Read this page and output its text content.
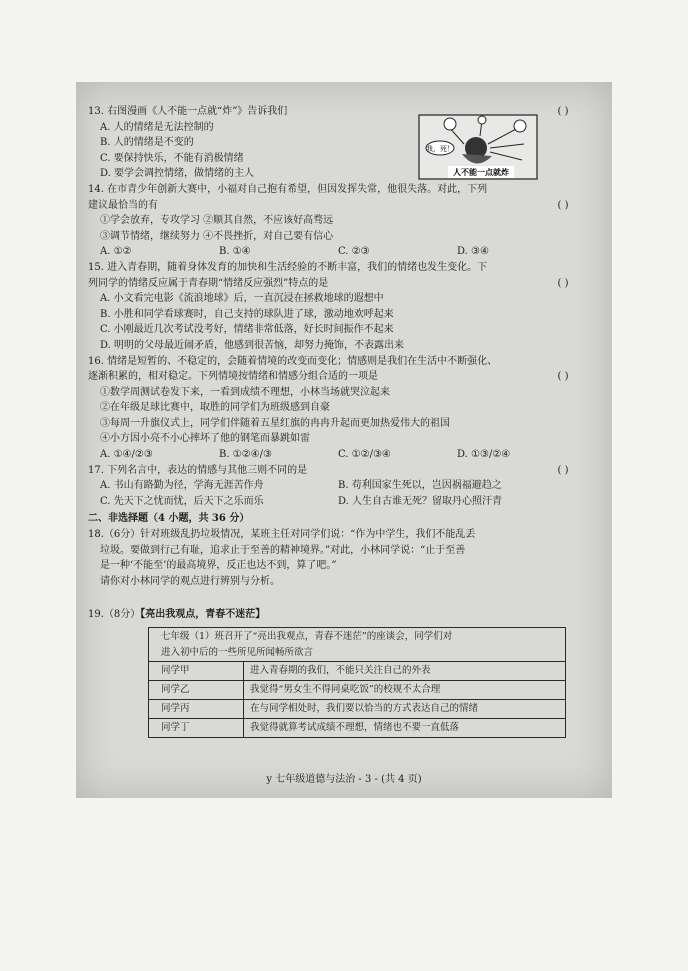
13. 右图漫画《人不能一点就“炸”》告诉我们	( )
A. 人的情绪是无法控制的
B. 人的情绪是不变的
C. 要保持快乐，不能有消极情绪
D. 要学会调控情绪，做情绪的主人
我，死！
人不能一点就炸
14. 在市青少年创新大赛中，小福对自己抱有希望，但因发挥失常，他很失落。对此，下列
建议最恰当的有	( )
①学会放弃，专攻学习 ②顺其自然，不应该好高骛远
③调节情绪，继续努力 ④不畏挫折，对自己要有信心
A. ①②	B. ①④	C. ②③	D. ③④
15. 进入青春期，随着身体发育的加快和生活经验的不断丰富，我们的情绪也发生变化。下
列同学的情绪反应属于青春期“情绪反应强烈”特点的是	( )
A. 小文看完电影《流浪地球》后，一直沉浸在拯救地球的遐想中
B. 小胜和同学看球赛时，自己支持的球队进了球，激动地欢呼起来
C. 小刚最近几次考试没考好，情绪非常低落，好长时间振作不起来
D. 明明的父母最近闹矛盾，他感到很苦恼，却努力掩饰，不表露出来
16. 情绪是短暂的、不稳定的，会随着情境的改变而变化；情感则是我们在生活中不断强化、
逐渐积累的，相对稳定。下列情境按情绪和情感分组合适的一项是	( )
①数学周测试卷发下来，一看到成绩不理想，小林当场就哭泣起来
②在年级足球比赛中，取胜的同学们为班级感到自豪
③每周一升旗仪式上，同学们伴随着五星红旗的冉冉升起而更加热爱伟大的祖国
④小方因小亮不小心摔坏了他的钢笔而暴跳如雷
A. ①④/②③	B. ①②④/③	C. ①②/③④	D. ①③/②④
17. 下列名言中，表达的情感与其他三则不同的是	( )
A. 书山有路勤为径，学海无涯苦作舟	B. 苟利国家生死以，岂因祸福避趋之
C. 先天下之忧而忧，后天下之乐而乐	D. 人生自古谁无死？留取丹心照汗青
二、非选择题（4 小题，共 36 分）
18.（6分）针对班级乱扔垃圾情况，某班主任对同学们说：“作为中学生，我们不能乱丢
垃圾。要做到行己有耻，追求止于至善的精神境界。”对此，小林同学说：“止于至善
是一种‘不能至’的最高境界，反正也达不到，算了吧。”
请你对小林同学的观点进行辨别与分析。
19.（8分）【亮出我观点，青春不迷茫】
七年级（1）班召开了“亮出我观点，青春不迷茫”的座谈会，同学们对
进入初中后的一些所见所闻畅所欲言	

同学甲	进入青春期的我们，不能只关注自己的外表
同学乙	我觉得“男女生不得同桌吃饭”的校规不太合理
同学丙	在与同学相处时，我们要以恰当的方式表达自己的情绪
同学丁	我觉得就算考试成绩不理想，情绪也不要一直低落
y 七年级道德与法治 - 3 - (共 4 页)
